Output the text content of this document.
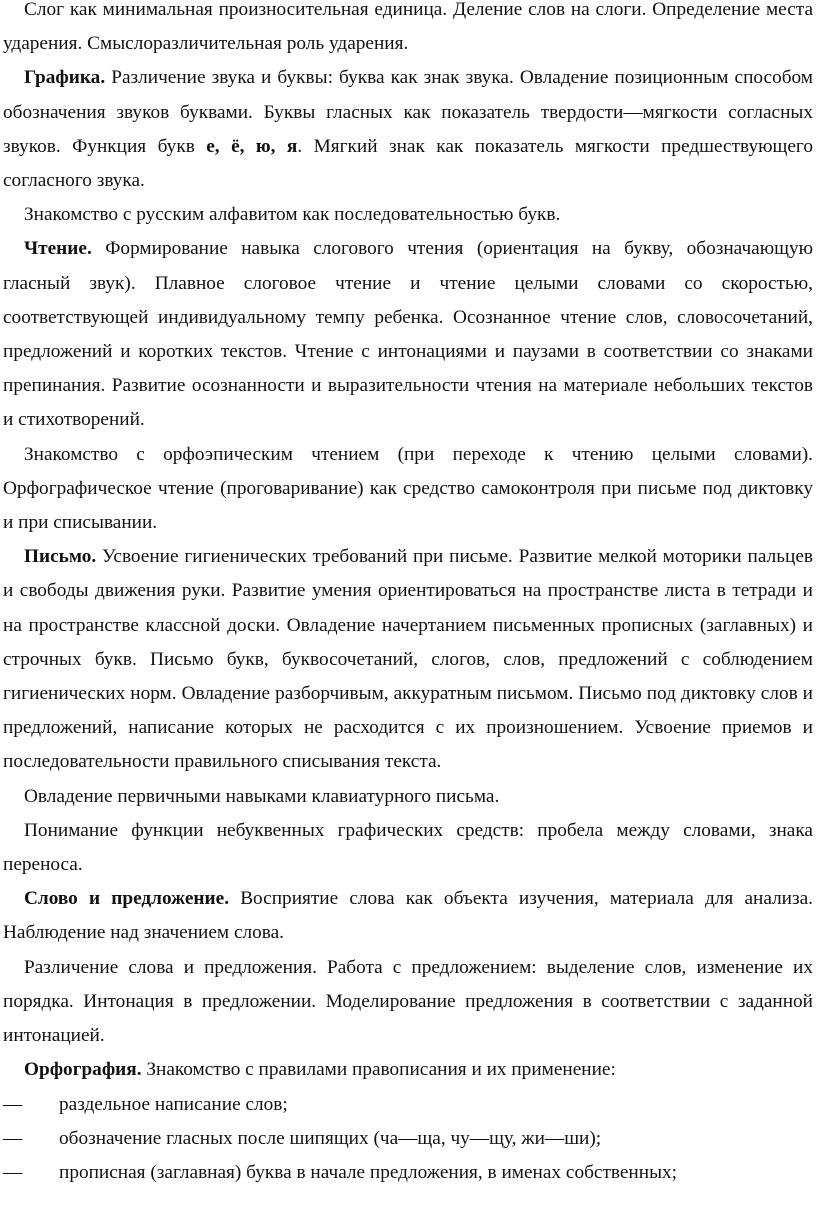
Слог как минимальная произносительная единица. Деление слов на слоги. Определение места ударения. Смыслоразличительная роль ударения.

Графика. Различение звука и буквы: буква как знак звука. Овладение позиционным способом обозначения звуков буквами. Буквы гласных как показатель твердости—мягкости согласных звуков. Функция букв е, ё, ю, я. Мягкий знак как показатель мягкости предшествующего согласного звука.

Знакомство с русским алфавитом как последовательностью букв.

Чтение. Формирование навыка слогового чтения (ориентация на букву, обозначающую гласный звук). Плавное слоговое чтение и чтение целыми словами со скоростью, соответствующей индивидуальному темпу ребенка. Осознанное чтение слов, словосочетаний, предложений и коротких текстов. Чтение с интонациями и паузами в соответствии со знаками препинания. Развитие осознанности и выразительности чтения на материале небольших текстов и стихотворений.

Знакомство с орфоэпическим чтением (при переходе к чтению целыми словами). Орфографическое чтение (проговаривание) как средство самоконтроля при письме под диктовку и при списывании.

Письмо. Усвоение гигиенических требований при письме. Развитие мелкой моторики пальцев и свободы движения руки. Развитие умения ориентироваться на пространстве листа в тетради и на пространстве классной доски. Овладение начертанием письменных прописных (заглавных) и строчных букв. Письмо букв, буквосочетаний, слогов, слов, предложений с соблюдением гигиенических норм. Овладение разборчивым, аккуратным письмом. Письмо под диктовку слов и предложений, написание которых не расходится с их произношением. Усвоение приемов и последовательности правильного списывания текста.

Овладение первичными навыками клавиатурного письма.

Понимание функции небуквенных графических средств: пробела между словами, знака переноса.

Слово и предложение. Восприятие слова как объекта изучения, материала для анализа. Наблюдение над значением слова.

Различение слова и предложения. Работа с предложением: выделение слов, изменение их порядка. Интонация в предложении. Моделирование предложения в соответствии с заданной интонацией.

Орфография. Знакомство с правилами правописания и их применение:

—	раздельное написание слов;
—	обозначение гласных после шипящих (ча—ща, чу—щу, жи—ши);
—	прописная (заглавная) буква в начале предложения, в именах собственных;
